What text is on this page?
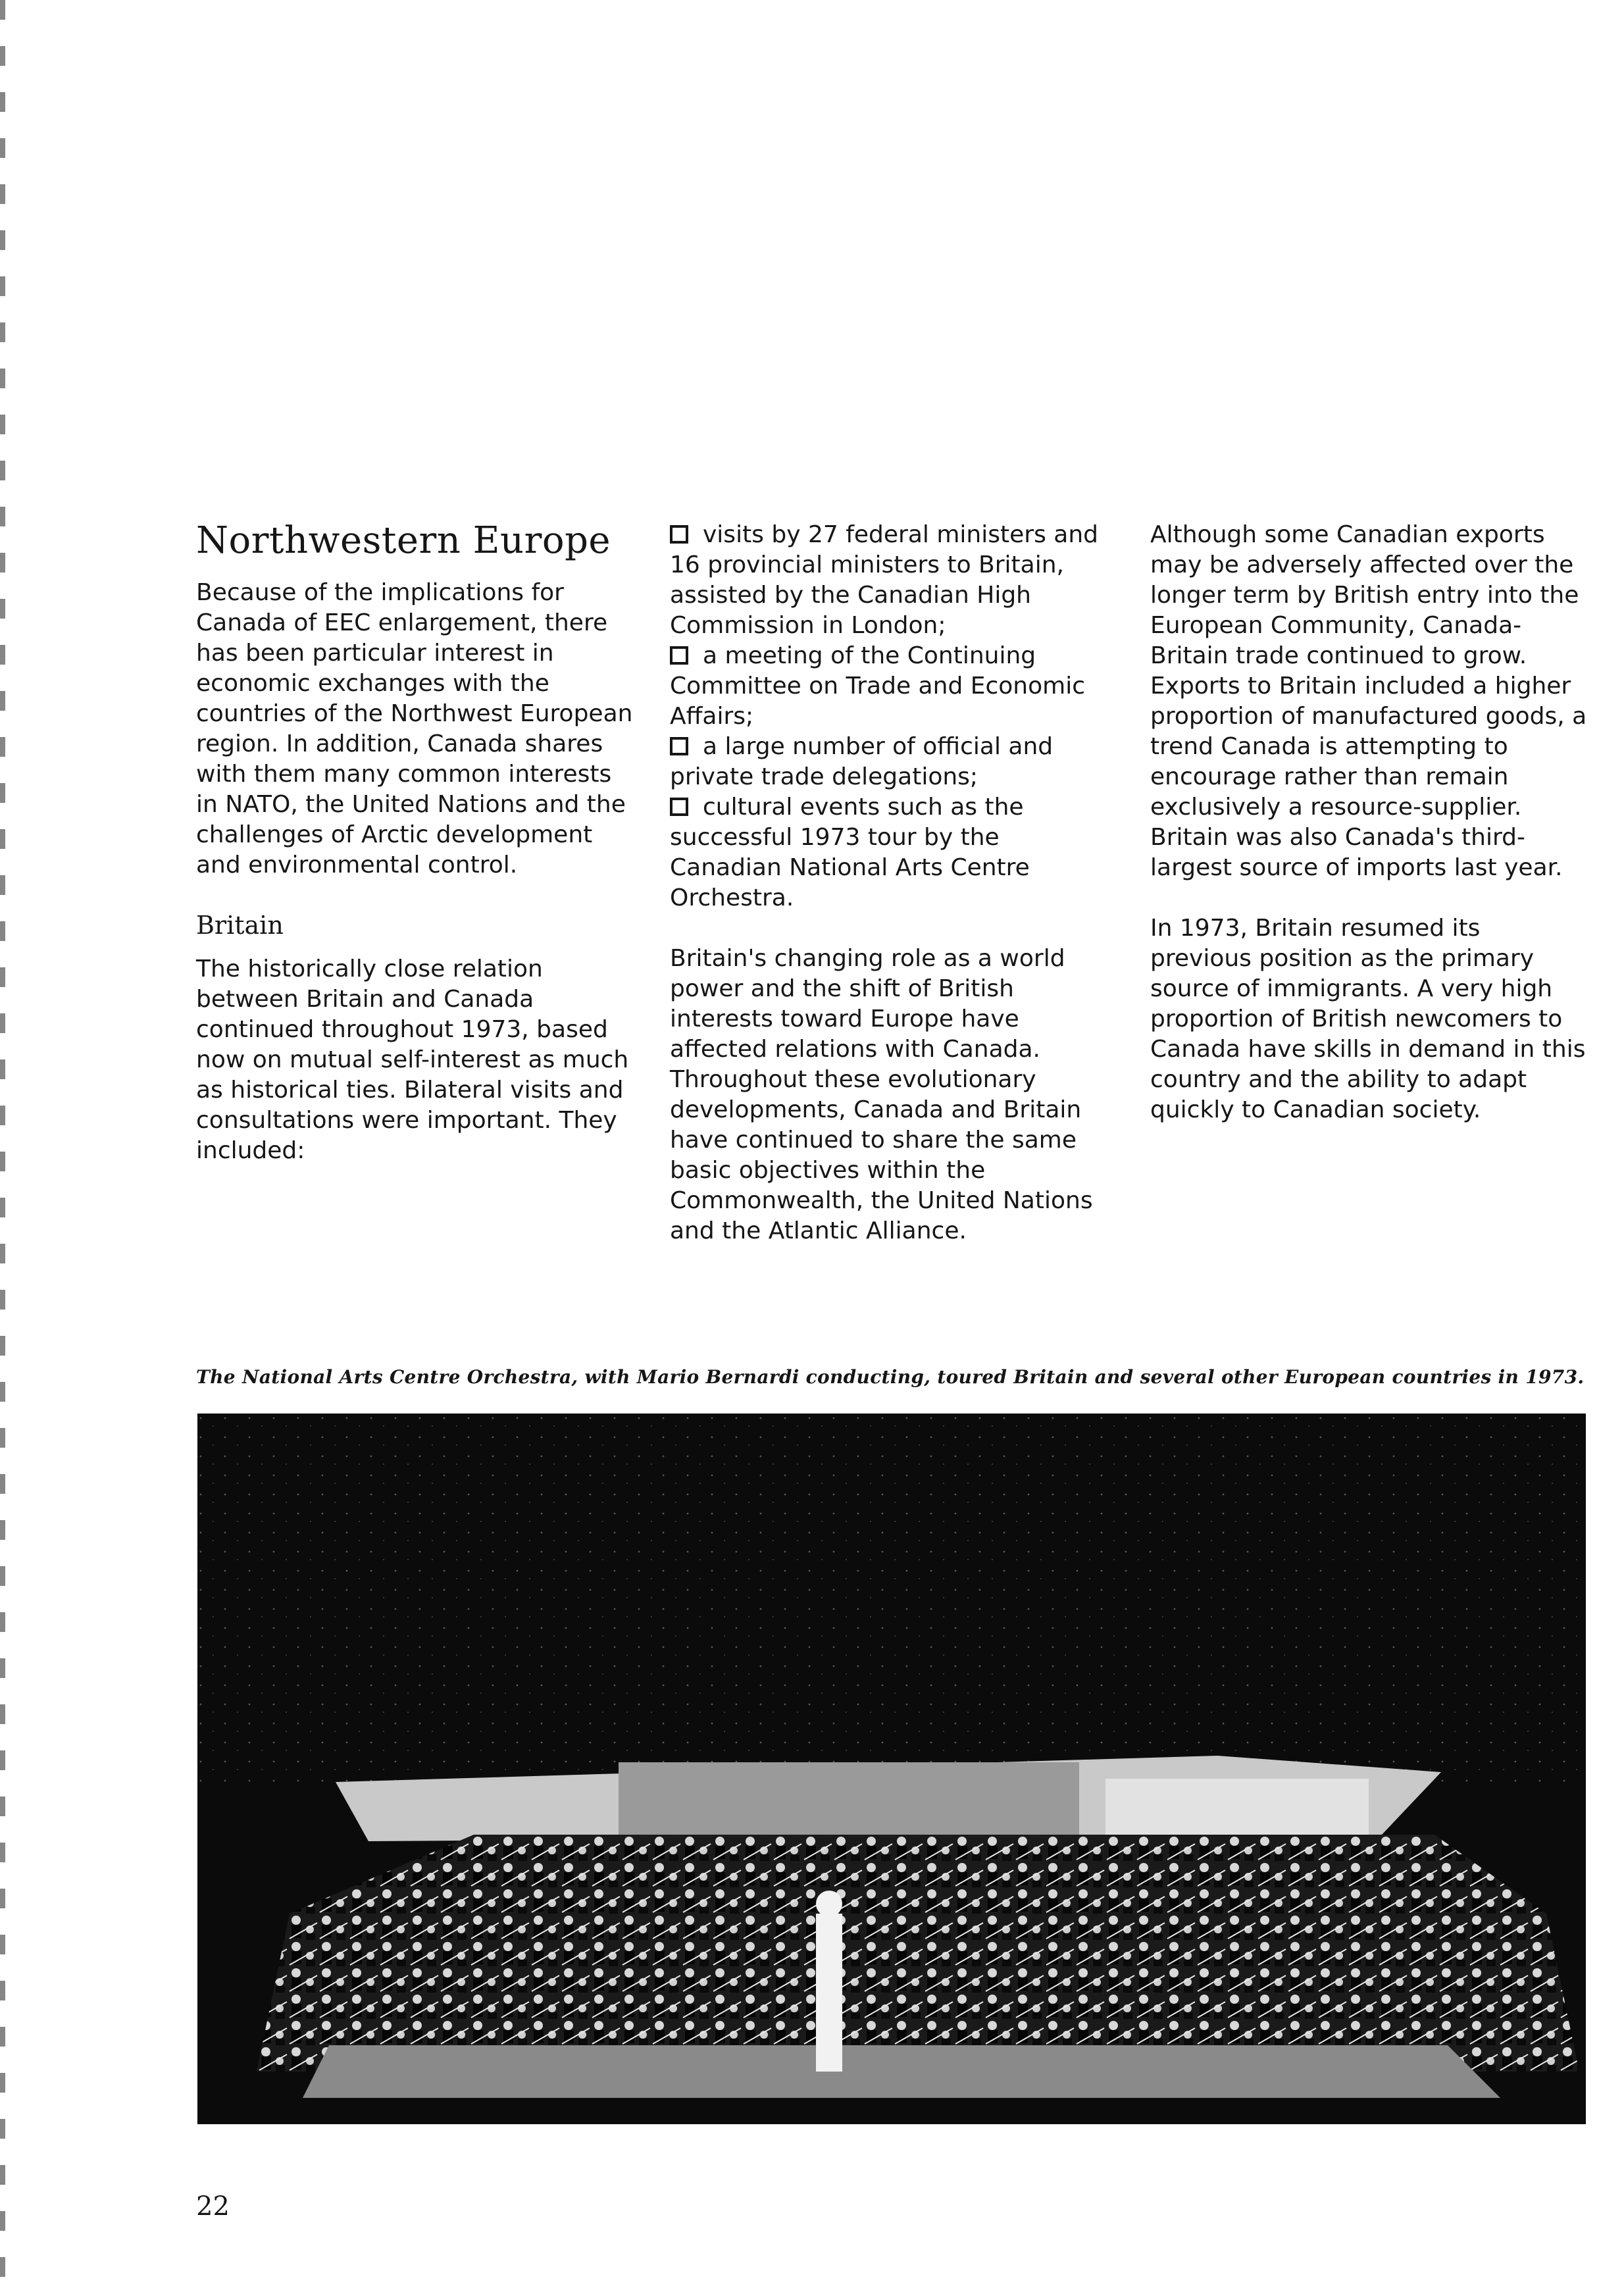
Northwestern Europe

Because of the implications for Canada of EEC enlargement, there has been particular interest in economic exchanges with the countries of the Northwest European region. In addition, Canada shares with them many common interests in NATO, the United Nations and the challenges of Arctic development and environmental control.

Britain

The historically close relation between Britain and Canada continued throughout 1973, based now on mutual self-interest as much as historical ties. Bilateral visits and consultations were important. They included:

visits by 27 federal ministers and 16 provincial ministers to Britain, assisted by the Canadian High Commission in London;
a meeting of the Continuing Committee on Trade and Economic Affairs;
a large number of official and private trade delegations;
cultural events such as the successful 1973 tour by the Canadian National Arts Centre Orchestra.

Britain's changing role as a world power and the shift of British interests toward Europe have affected relations with Canada. Throughout these evolutionary developments, Canada and Britain have continued to share the same basic objectives within the Commonwealth, the United Nations and the Atlantic Alliance.

Although some Canadian exports may be adversely affected over the longer term by British entry into the European Community, Canada-Britain trade continued to grow. Exports to Britain included a higher proportion of manufactured goods, a trend Canada is attempting to encourage rather than remain exclusively a resource-supplier. Britain was also Canada's third-largest source of imports last year.

In 1973, Britain resumed its previous position as the primary source of immigrants. A very high proportion of British newcomers to Canada have skills in demand in this country and the ability to adapt quickly to Canadian society.

The National Arts Centre Orchestra, with Mario Bernardi conducting, toured Britain and several other European countries in 1973.
22
